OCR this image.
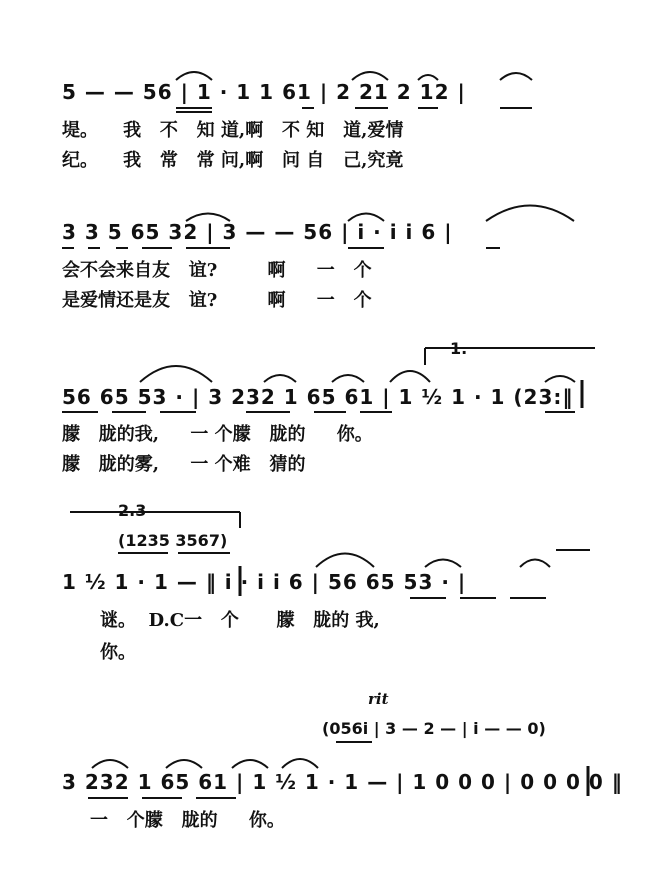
5 — — 56 | 1 · 1 1 61 | 2 21 2 12 |
堤。    我   不   知 道,啊   不 知   道,爱情
纪。    我   常   常 问,啊   问 自   己,究竟
3 3 5 65 32 | 3 — — 56 | i · i i 6 |
会不会来自友   谊?        啊     一   个
是爱情还是友   谊?        啊     一   个
1.
56 65 53 · | 3 232 1 65 61 | 1 ½ 1 · 1 (23:‖
朦   胧的我,     一 个朦   胧的     你。
朦   胧的雾,     一 个难   猜的
2.3
(1235 3567)
1 ½ 1 · 1 — ‖ i · i i 6 | 56 65 53 · |
谜。  D.C一   个      朦   胧的 我,
你。
rit
(056i | 3 — 2 — | i — — 0)
3 232 1 65 61 | 1 ½ 1 · 1 — | 1 0 0 0 | 0 0 0 0 ‖
一   个朦   胧的     你。
